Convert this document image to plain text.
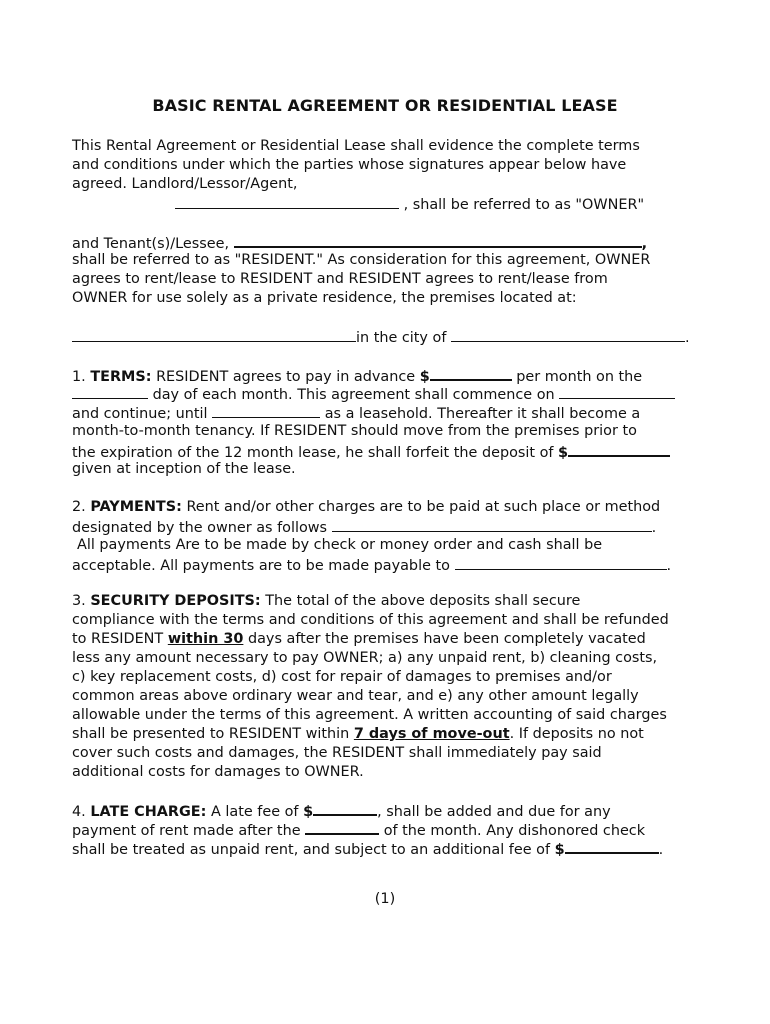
BASIC RENTAL AGREEMENT OR RESIDENTIAL LEASE
This Rental Agreement or Residential Lease shall evidence the complete terms
and conditions under which the parties whose signatures appear below have
agreed. Landlord/Lessor/Agent,
, shall be referred to as "OWNER"
and Tenant(s)/Lessee,	,
shall be referred to as "RESIDENT." As consideration for this agreement, OWNER
agrees to rent/lease to RESIDENT and RESIDENT agrees to rent/lease from
OWNER for use solely as a private residence, the premises located at:
in the city of	.
1. TERMS: RESIDENT agrees to pay in advance $	per month on the
day of each month. This agreement shall commence on
and continue; until	as a leasehold. Thereafter it shall become a
month-to-month tenancy. If RESIDENT should move from the premises prior to
the expiration of the 12 month lease, he shall forfeit the deposit of $
given at inception of the lease.
2. PAYMENTS: Rent and/or other charges are to be paid at such place or method
designated by the owner as follows	.
All payments Are to be made by check or money order and cash shall be
acceptable. All payments are to be made payable to	.
3. SECURITY DEPOSITS: The total of the above deposits shall secure
compliance with the terms and conditions of this agreement and shall be refunded
to RESIDENT within 30 days after the premises have been completely vacated
less any amount necessary to pay OWNER; a) any unpaid rent, b) cleaning costs,
c) key replacement costs, d) cost for repair of damages to premises and/or
common areas above ordinary wear and tear, and e) any other amount legally
allowable under the terms of this agreement. A written accounting of said charges
shall be presented to RESIDENT within 7 days of move-out. If deposits no not
cover such costs and damages, the RESIDENT shall immediately pay said
additional costs for damages to OWNER.
4. LATE CHARGE: A late fee of $	, shall be added and due for any
payment of rent made after the	of the month. Any dishonored check
shall be treated as unpaid rent, and subject to an additional fee of $	.
(1)
